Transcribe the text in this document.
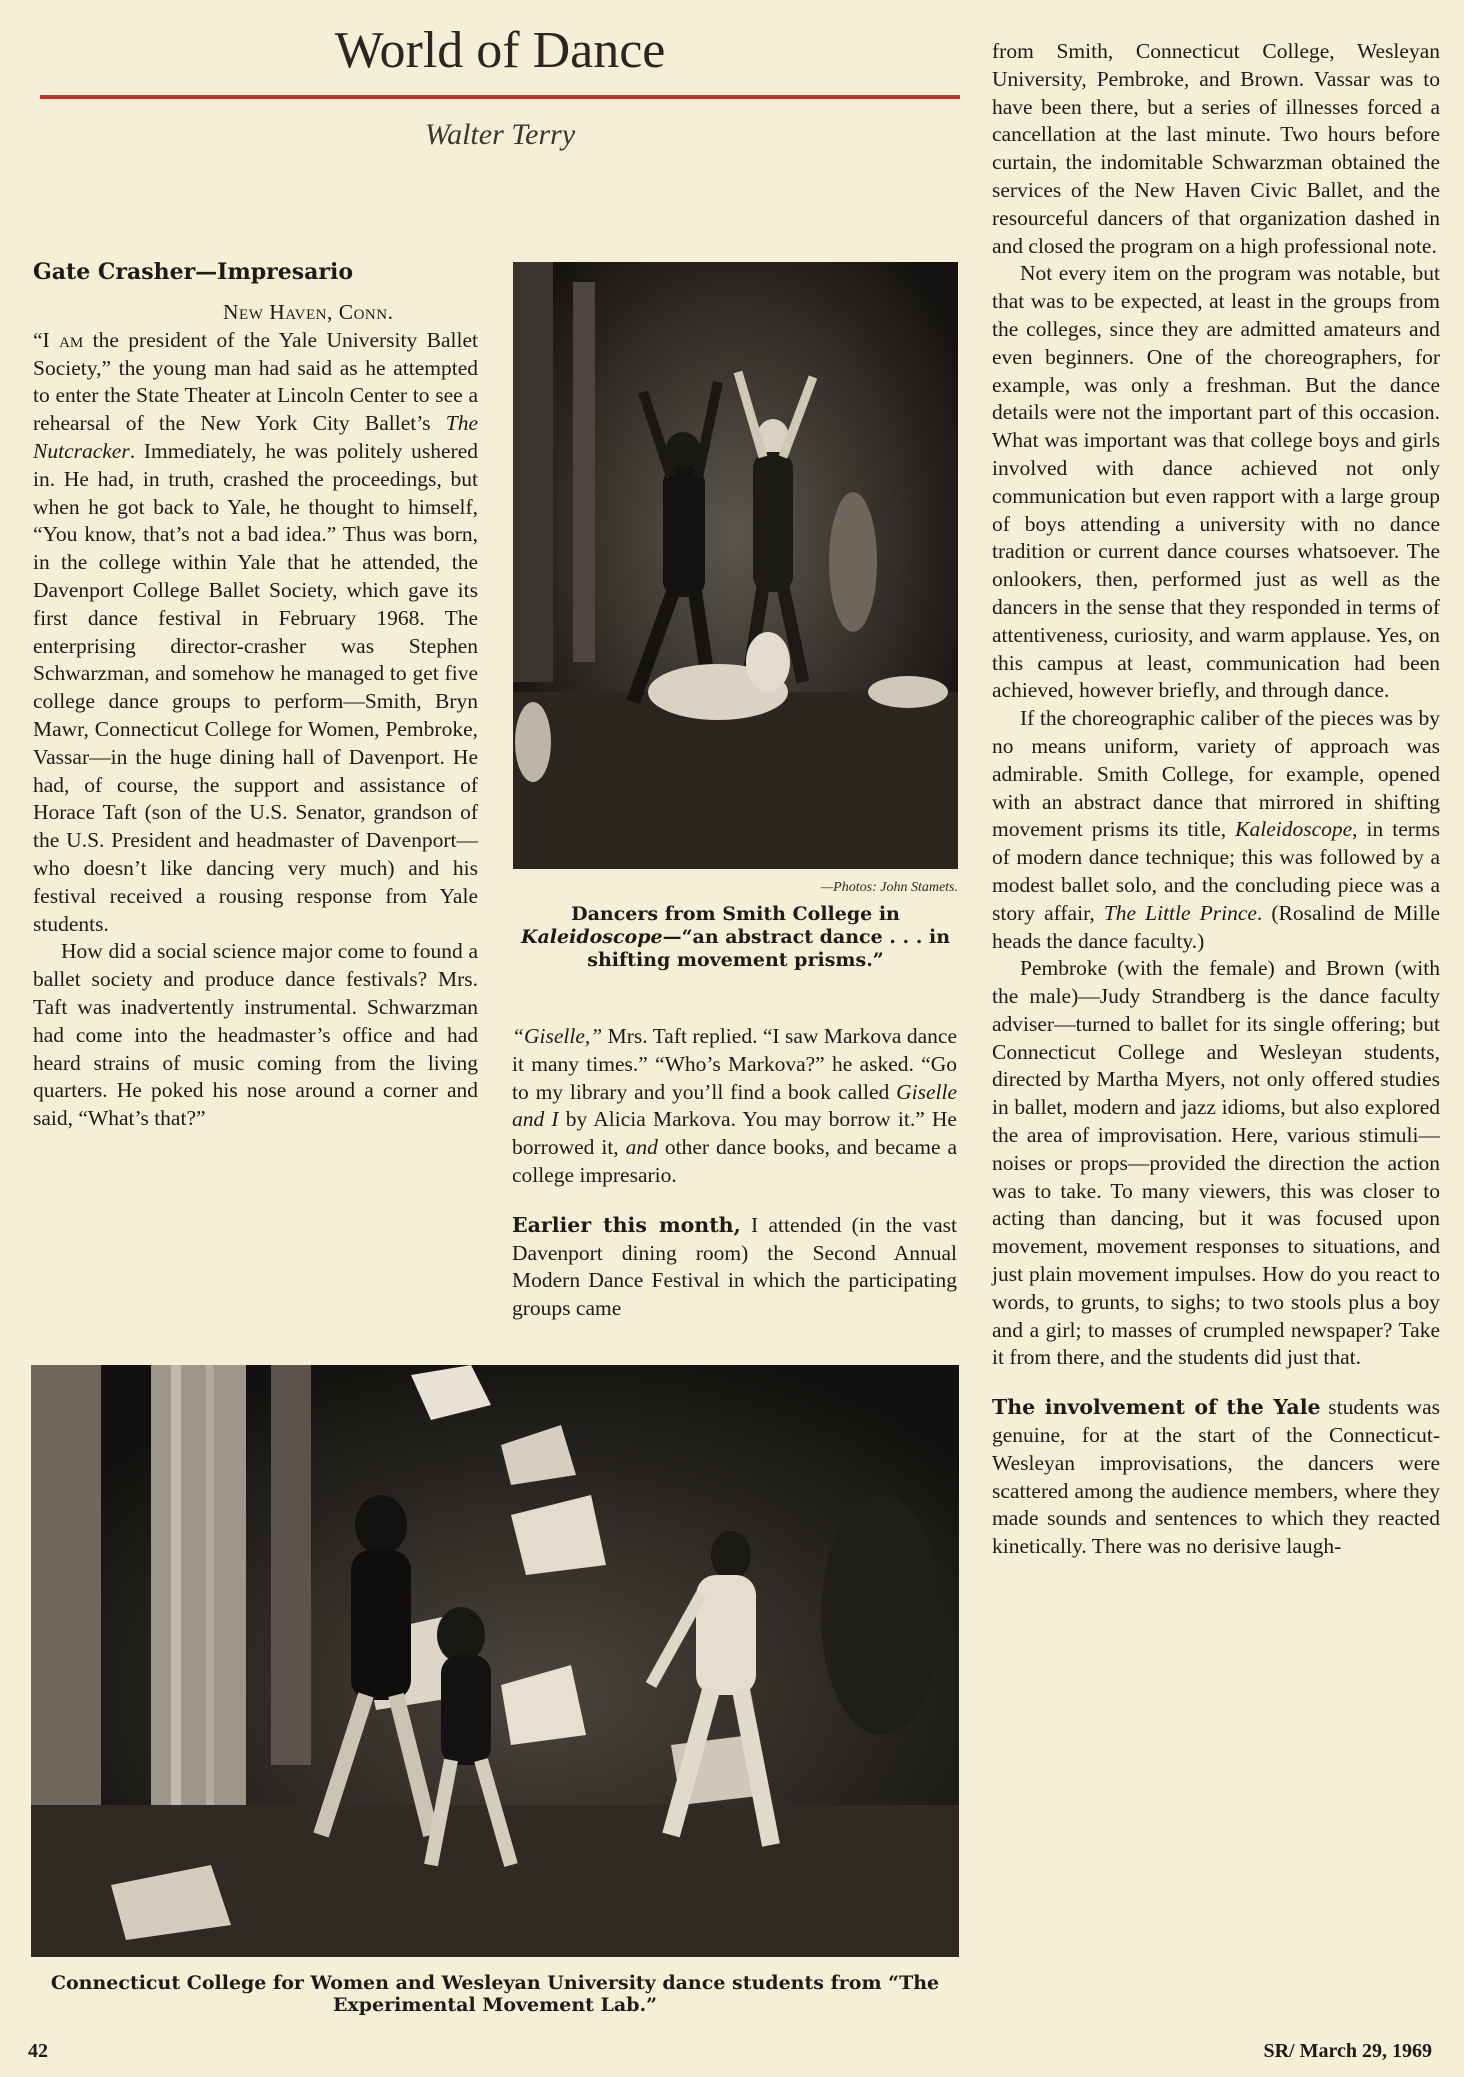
World of Dance
Walter Terry
Gate Crasher—Impresario

New Haven, Conn.
“I am the president of the Yale University Ballet Society,” the young man had said as he attempted to enter the State Theater at Lincoln Center to see a rehearsal of the New York City Ballet’s The Nutcracker. Immediately, he was politely ushered in. He had, in truth, crashed the proceedings, but when he got back to Yale, he thought to himself, “You know, that’s not a bad idea.” Thus was born, in the college within Yale that he attended, the Davenport College Ballet Society, which gave its first dance festival in February 1968. The enterprising director-crasher was Stephen Schwarzman, and somehow he managed to get five college dance groups to perform—Smith, Bryn Mawr, Connecticut College for Women, Pembroke, Vassar—in the huge dining hall of Davenport. He had, of course, the support and assistance of Horace Taft (son of the U.S. Senator, grandson of the U.S. President and headmaster of Davenport—who doesn’t like dancing very much) and his festival received a rousing response from Yale students.

How did a social science major come to found a ballet society and produce dance festivals? Mrs. Taft was inadvertently instrumental. Schwarzman had come into the headmaster’s office and had heard strains of music coming from the living quarters. He poked his nose around a corner and said, “What’s that?”

—Photos: John Stamets.
Dancers from Smith College in Kaleidoscope—“an abstract dance . . . in shifting movement prisms.”

“Giselle,” Mrs. Taft replied. “I saw Markova dance it many times.” “Who’s Markova?” he asked. “Go to my library and you’ll find a book called Giselle and I by Alicia Markova. You may borrow it.” He borrowed it, and other dance books, and became a college impresario.

Earlier this month, I attended (in the vast Davenport dining room) the Second Annual Modern Dance Festival in which the participating groups came

Connecticut College for Women and Wesleyan University dance students from “The Experimental Movement Lab.”

from Smith, Connecticut College, Wesleyan University, Pembroke, and Brown. Vassar was to have been there, but a series of illnesses forced a cancellation at the last minute. Two hours before curtain, the indomitable Schwarzman obtained the services of the New Haven Civic Ballet, and the resourceful dancers of that organization dashed in and closed the program on a high professional note.

Not every item on the program was notable, but that was to be expected, at least in the groups from the colleges, since they are admitted amateurs and even beginners. One of the choreographers, for example, was only a freshman. But the dance details were not the important part of this occasion. What was important was that college boys and girls involved with dance achieved not only communication but even rapport with a large group of boys attending a university with no dance tradition or current dance courses whatsoever. The onlookers, then, performed just as well as the dancers in the sense that they responded in terms of attentiveness, curiosity, and warm applause. Yes, on this campus at least, communication had been achieved, however briefly, and through dance.

If the choreographic caliber of the pieces was by no means uniform, variety of approach was admirable. Smith College, for example, opened with an abstract dance that mirrored in shifting movement prisms its title, Kaleidoscope, in terms of modern dance technique; this was followed by a modest ballet solo, and the concluding piece was a story affair, The Little Prince. (Rosalind de Mille heads the dance faculty.)

Pembroke (with the female) and Brown (with the male)—Judy Strandberg is the dance faculty adviser—turned to ballet for its single offering; but Connecticut College and Wesleyan students, directed by Martha Myers, not only offered studies in ballet, modern and jazz idioms, but also explored the area of improvisation. Here, various stimuli—noises or props—provided the direction the action was to take. To many viewers, this was closer to acting than dancing, but it was focused upon movement, movement responses to situations, and just plain movement impulses. How do you react to words, to grunts, to sighs; to two stools plus a boy and a girl; to masses of crumpled newspaper? Take it from there, and the students did just that.

The involvement of the Yale students was genuine, for at the start of the Connecticut-Wesleyan improvisations, the dancers were scattered among the audience members, where they made sounds and sentences to which they reacted kinetically. There was no derisive laugh-

42	SR/ March 29, 1969
